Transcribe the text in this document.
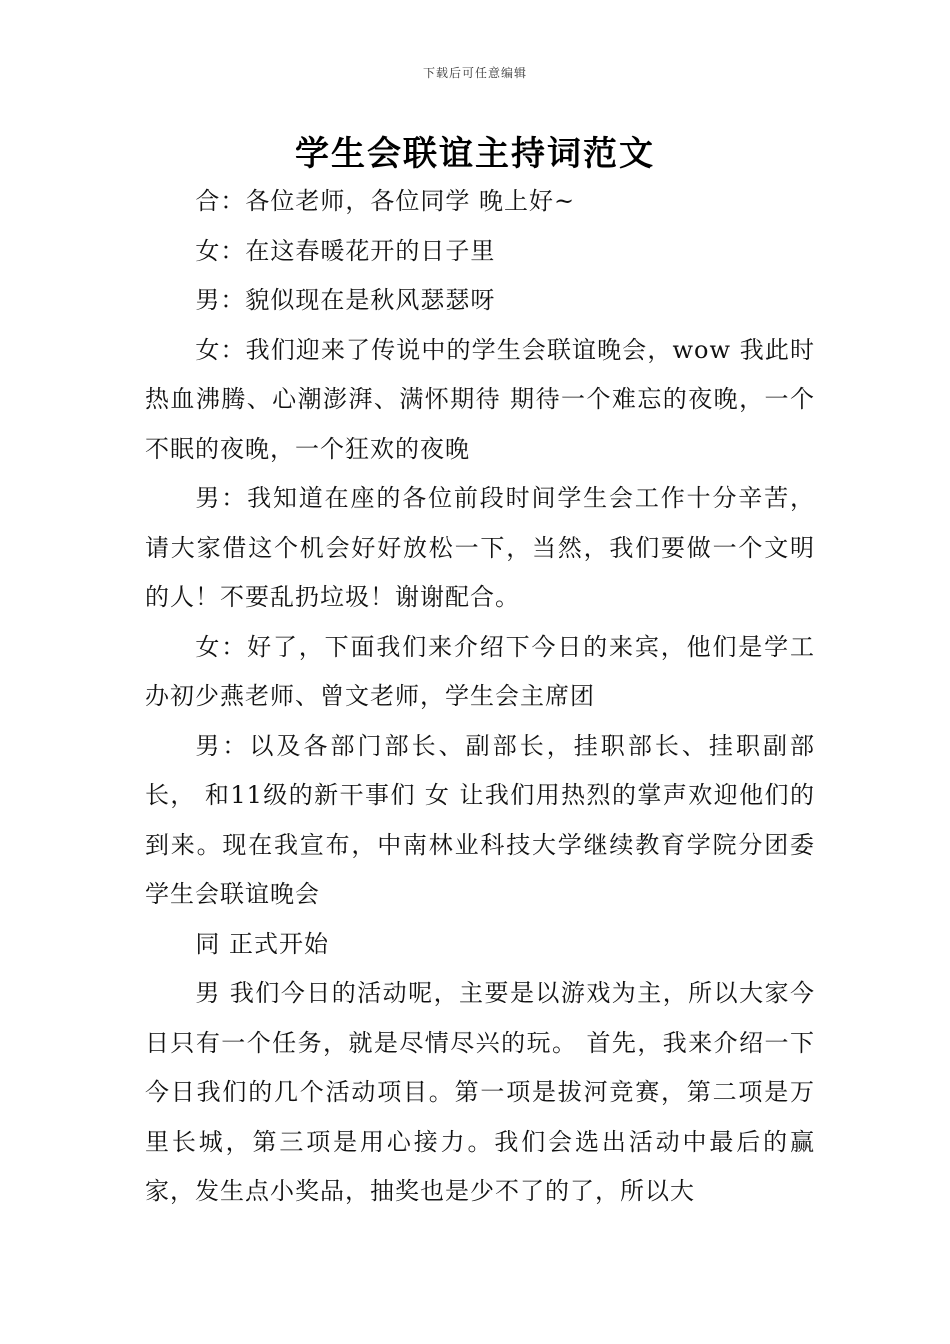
下载后可任意编辑
学生会联谊主持词范文

合：各位老师，各位同学 晚上好~

女：在这春暖花开的日子里

男：貌似现在是秋风瑟瑟呀

女：我们迎来了传说中的学生会联谊晚会，wow 我此时热血沸腾、心潮澎湃、满怀期待 期待一个难忘的夜晚，一个不眠的夜晚，一个狂欢的夜晚

男：我知道在座的各位前段时间学生会工作十分辛苦，请大家借这个机会好好放松一下，当然，我们要做一个文明的人！不要乱扔垃圾！谢谢配合。

女：好了，下面我们来介绍下今日的来宾，他们是学工办初少燕老师、曾文老师，学生会主席团

男：以及各部门部长、副部长，挂职部长、挂职副部长， 和11级的新干事们 女 让我们用热烈的掌声欢迎他们的到来。现在我宣布，中南林业科技大学继续教育学院分团委学生会联谊晚会

同 正式开始

男 我们今日的活动呢，主要是以游戏为主，所以大家今日只有一个任务，就是尽情尽兴的玩。 首先，我来介绍一下今日我们的几个活动项目。第一项是拔河竞赛，第二项是万里长城，第三项是用心接力。我们会选出活动中最后的赢家，发生点小奖品，抽奖也是少不了的了，所以大
